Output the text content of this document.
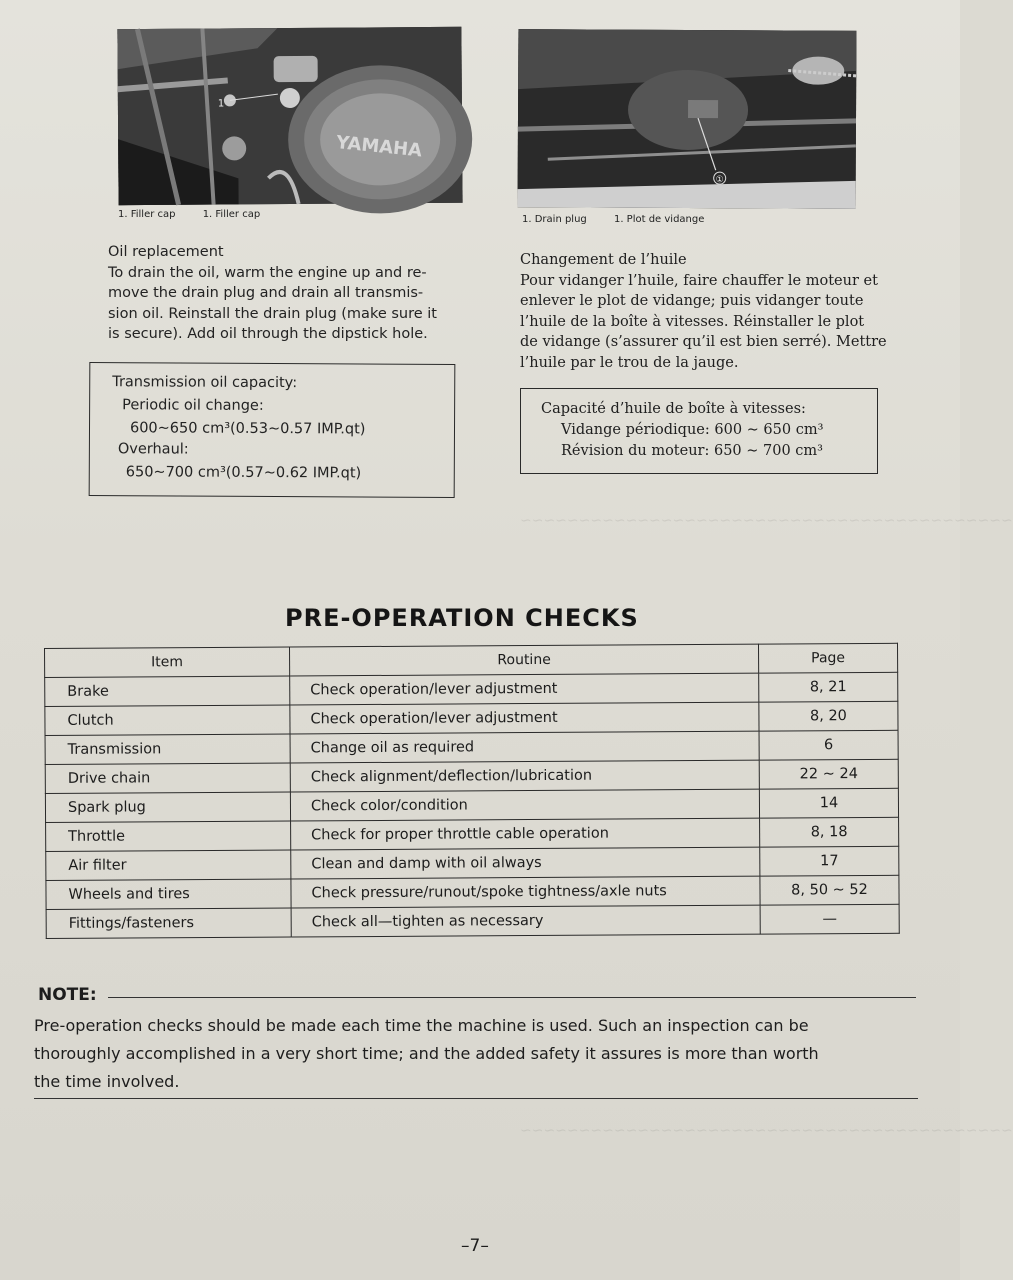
~~~~~~~~~~~~~~~~~~~~~~~~~~~~~~~~~~~~~~~~~~
~~~~~~~~~~~~~~~~~~~~~~~~~~~~~~~~~~~~~~~~~~
YAMAHA
1
1. Filler cap	1. Filler cap
①
1. Drain plug	1. Plot de vidange
Oil replacement
To drain the oil, warm the engine up and re-
move the drain plug and drain all transmis-
sion oil. Reinstall the drain plug (make sure it
is secure). Add oil through the dipstick hole.
Transmission oil capacity:
Periodic oil change:
600∼650 cm³(0.53∼0.57 IMP.qt)
Overhaul:
650∼700 cm³(0.57∼0.62 IMP.qt)
Changement de l’huile
Pour vidanger l’huile, faire chauffer le moteur et
enlever le plot de vidange; puis vidanger toute
l’huile de la boîte à vitesses. Réinstaller le plot
de vidange (s’assurer qu’il est bien serré). Mettre
l’huile par le trou de la jauge.
Capacité d’huile de boîte à vitesses:
Vidange périodique: 600 ∼ 650 cm³
Révision du moteur: 650 ∼ 700 cm³
PRE-OPERATION CHECKS
Item	Routine	Page
Brake	Check operation/lever adjustment	8, 21
Clutch	Check operation/lever adjustment	8, 20
Transmission	Change oil as required	6
Drive chain	Check alignment/deflection/lubrication	22 ∼ 24
Spark plug	Check color/condition	14
Throttle	Check for proper throttle cable operation	8, 18
Air filter	Clean and damp with oil always	17
Wheels and tires	Check pressure/runout/spoke tightness/axle nuts	8, 50 ∼ 52
Fittings/fasteners	Check all—tighten as necessary	—
NOTE:
Pre-operation checks should be made each time the machine is used. Such an inspection can be
thoroughly accomplished in a very short time; and the added safety it assures is more than worth
the time involved.
–7–
